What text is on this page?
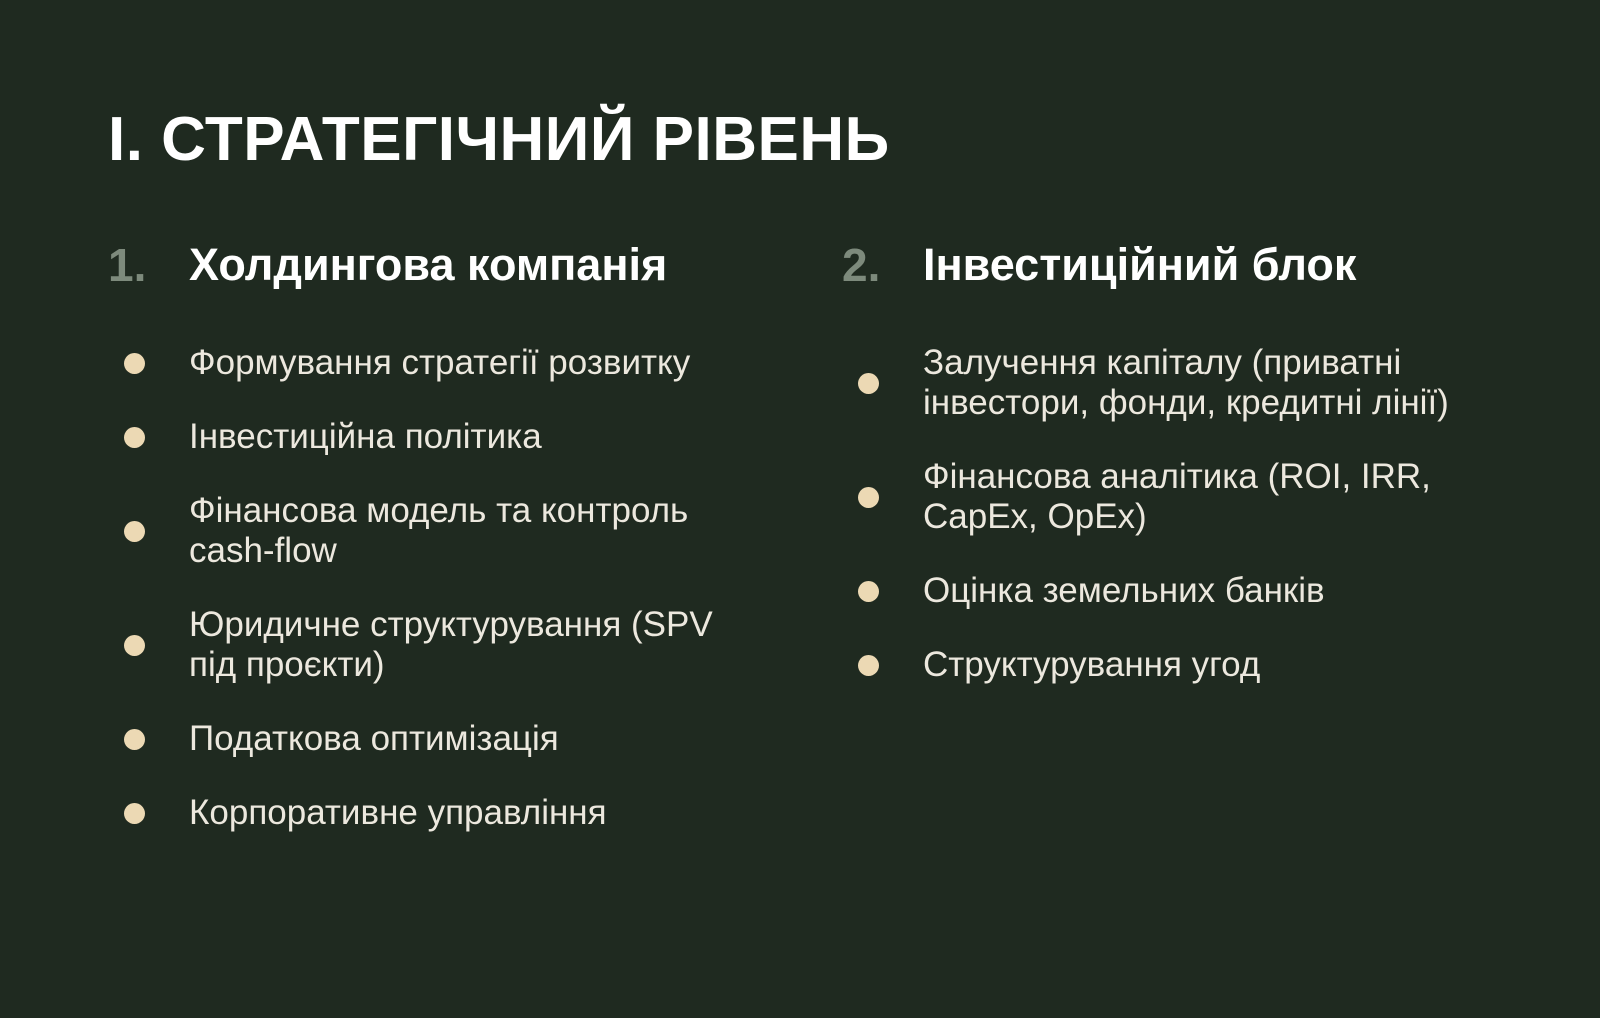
І. СТРАТЕГІЧНИЙ РІВЕНЬ
1. Холдингова компанія
Формування стратегії розвитку
Інвестиційна політика
Фінансова модель та контроль cash-flow
Юридичне структурування (SPV під проєкти)
Податкова оптимізація
Корпоративне управління
2. Інвестиційний блок
Залучення капіталу (приватні інвестори, фонди, кредитні лінії)
Фінансова аналітика (ROI, IRR, CapEx, OpEx)
Оцінка земельних банків
Структурування угод
